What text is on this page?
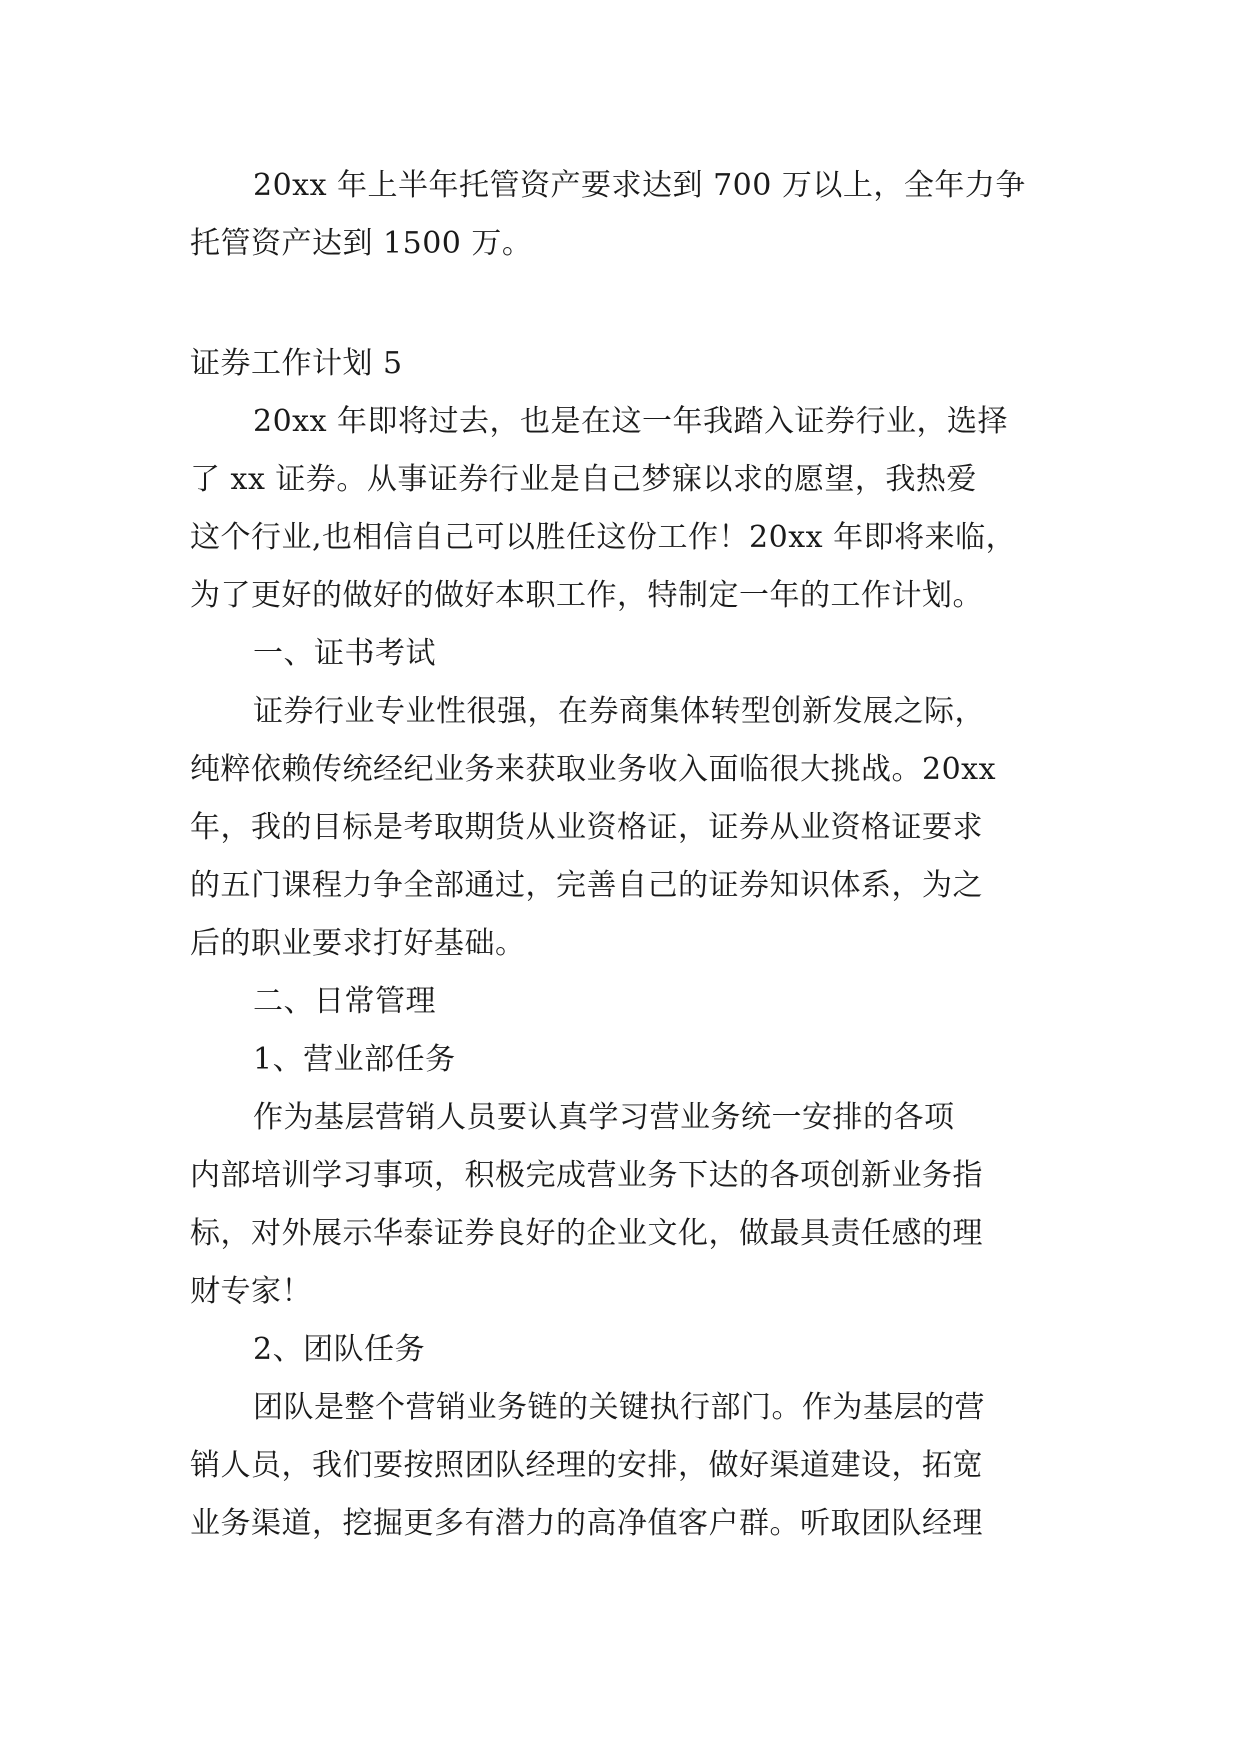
20xx 年上半年托管资产要求达到 700 万以上，全年力争

托管资产达到 1500 万。

证券工作计划 5

20xx 年即将过去，也是在这一年我踏入证券行业，选择

了 xx 证券。从事证券行业是自己梦寐以求的愿望，我热爱

这个行业,也相信自己可以胜任这份工作！20xx 年即将来临，

为了更好的做好的做好本职工作，特制定一年的工作计划。

一、证书考试

证券行业专业性很强，在券商集体转型创新发展之际，

纯粹依赖传统经纪业务来获取业务收入面临很大挑战。20xx

年，我的目标是考取期货从业资格证，证券从业资格证要求

的五门课程力争全部通过，完善自己的证券知识体系，为之

后的职业要求打好基础。

二、日常管理

1、营业部任务

作为基层营销人员要认真学习营业务统一安排的各项

内部培训学习事项，积极完成营业务下达的各项创新业务指

标，对外展示华泰证券良好的企业文化，做最具责任感的理

财专家！

2、团队任务

团队是整个营销业务链的关键执行部门。作为基层的营

销人员，我们要按照团队经理的安排，做好渠道建设，拓宽

业务渠道，挖掘更多有潜力的高净值客户群。听取团队经理
